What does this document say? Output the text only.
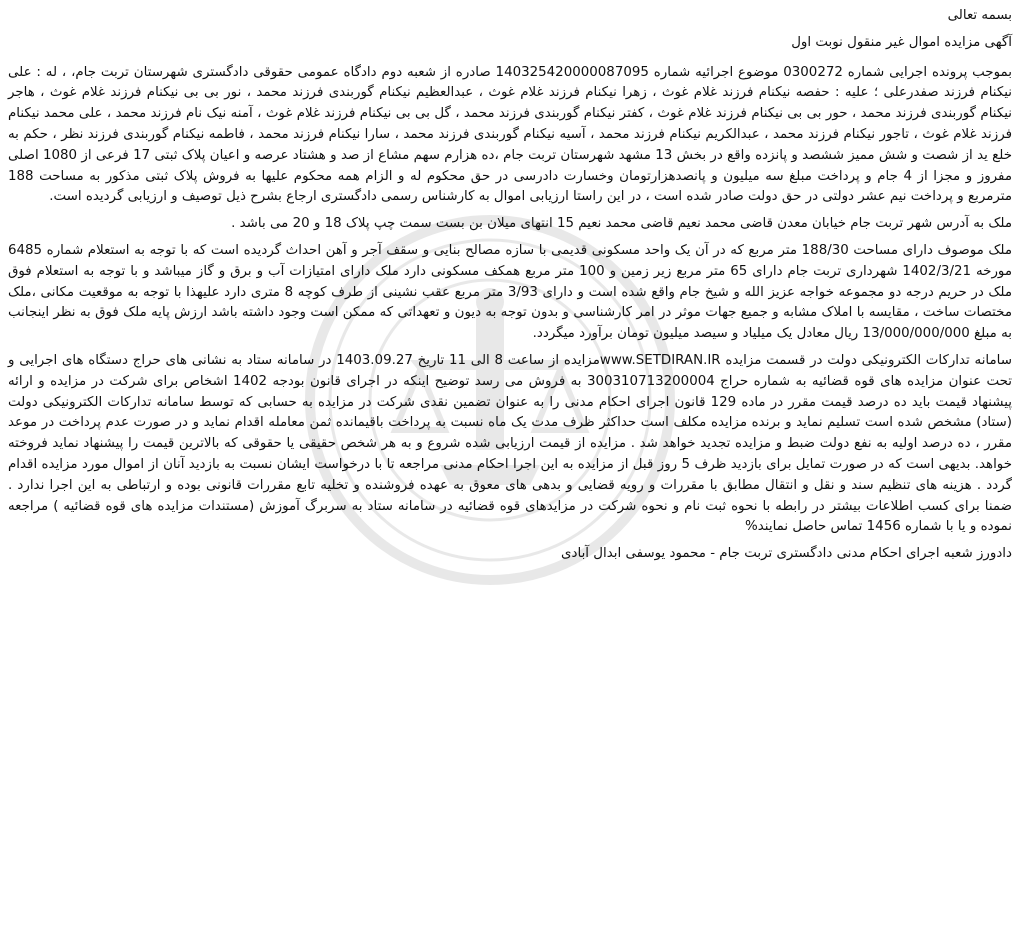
بسمه تعالی

آگهی مزایده اموال غیر منقول نوبت اول

بموجب پرونده اجرایی شماره 0300272 موضوع اجرائیه شماره 140325420000087095 صادره از شعبه دوم دادگاه عمومی حقوقی دادگستری شهرستان تربت جام، ، له : علی نیکنام فرزند صفدرعلی ؛ علیه : حفصه نیکنام فرزند غلام غوث ، زهرا نیکنام فرزند غلام غوث ، عبدالعظیم نیکنام گوربندی فرزند محمد ، نور بی بی نیکنام فرزند غلام غوث ، هاجر نیکنام گوربندی فرزند محمد ، حور بی بی نیکنام فرزند غلام غوث ، کفتر نیکنام گوربندی فرزند محمد ، گل بی بی نیکنام فرزند غلام غوث ، آمنه نیک نام فرزند محمد ، علی محمد نیکنام فرزند غلام غوث ، تاجور نیکنام فرزند محمد ، عبدالکریم نیکنام فرزند محمد ، آسیه نیکنام گوربندی فرزند محمد ، سارا نیکنام فرزند محمد ، فاطمه نیکنام گوربندی فرزند نظر ، حکم به خلع ید از شصت و شش ممیز ششصد و پانزده واقع در بخش 13 مشهد شهرستان تربت جام ،ده هزارم سهم مشاع از صد و هشتاد عرصه و اعیان پلاک ثبتی 17 فرعی از 1080 اصلی مفروز و مجزا از 4 جام و پرداخت مبلغ سه میلیون و پانصدهزارتومان وخسارت دادرسی در حق محکوم له و الزام همه محکوم علیها به فروش پلاک ثبتی مذکور به مساحت 188 مترمربع و پرداخت نیم عشر دولتی در حق دولت صادر شده است ، در این راستا ارزیابی اموال به کارشناس رسمی دادگستری ارجاع بشرح ذیل توصیف و ارزیابی گردیده است.

ملک به آدرس شهر تربت جام خیابان معدن قاضی محمد نعیم قاضی محمد نعیم 15 انتهای میلان بن بست سمت چپ پلاک 18 و 20 می باشد .

ملک موصوف دارای مساحت 188/30 متر مربع که در آن یک واحد مسکونی قدیمی با سازه مصالح بنایی و سقف آجر و آهن احداث گردیده است که با توجه به استعلام شماره 6485 مورخه 1402/3/21 شهرداری تربت جام دارای 65 متر مربع زیر زمین و 100 متر مربع همکف مسکونی دارد ملک دارای امتیازات آب و برق و گاز میباشد و با توجه به استعلام فوق ملک در حریم درجه دو مجموعه خواجه عزیز الله و شیخ جام واقع شده است و دارای 3/93 متر مربع عقب نشینی از طرف کوچه 8 متری دارد علیهذا با توجه به موقعیت مکانی ،ملک مختصات ساخت ، مقایسه با املاک مشابه و جمیع جهات موثر در امر کارشناسی و بدون توجه به دیون و تعهداتی که ممکن است وجود داشته باشد ارزش پایه ملک فوق به نظر اینجانب به مبلغ 13/000/000/000 ریال معادل یک میلیاد و سیصد میلیون تومان برآورد میگردد.

سامانه تدارکات الکترونیکی دولت در قسمت مزایده www.SETDIRAN.IRمزایده از ساعت 8 الی 11 تاریخ 1403.09.27 در سامانه ستاد به نشانی های حراج دستگاه های اجرایی و تحت عنوان مزایده های قوه قضائیه به شماره حراج 300310713200004 به فروش می رسد توضیح اینکه در اجرای قانون بودجه 1402 اشخاص برای شرکت در مزایده و ارائه پیشنهاد قیمت باید ده درصد قیمت مقرر در ماده 129 قانون اجرای احکام مدنی را به عنوان تضمین نقدی شرکت در مزایده به حسابی که توسط سامانه تدارکات الکترونیکی دولت (ستاد) مشخص شده است تسلیم نماید و برنده مزایده مکلف است حداکثر ظرف مدت یک ماه نسبت به پرداخت باقیمانده ثمن معامله اقدام نماید و در صورت عدم پرداخت در موعد مقرر ، ده درصد اولیه به نفع دولت ضبط و مزایده تجدید خواهد شد . مزایده از قیمت ارزیابی شده شروع و به هر شخص حقیقی یا حقوقی که بالاترین قیمت را پیشنهاد نماید فروخته خواهد. بدیهی است که در صورت تمایل برای بازدید ظرف 5 روز قبل از مزایده به این اجرا احکام مدنی مراجعه تا با درخواست ایشان نسبت به بازدید آنان از اموال مورد مزایده اقدام گردد . هزینه های تنظیم سند و نقل و انتقال مطابق با مقررات و رویه قضایی و بدهی های معوق به عهده فروشنده و تخلیه تابع مقررات قانونی بوده و ارتباطی به این اجرا ندارد . ضمنا برای کسب اطلاعات بیشتر در رابطه با نحوه ثبت نام و نحوه شرکت در مزایدهای قوه قضائیه در سامانه ستاد به سربرگ آموزش (مستندات مزایده های قوه قضائیه ) مراجعه نموده و یا با شماره 1456 تماس حاصل نمایند%

دادورز شعبه اجرای احکام مدنی دادگستری تربت جام - محمود یوسفی ابدال آبادی
